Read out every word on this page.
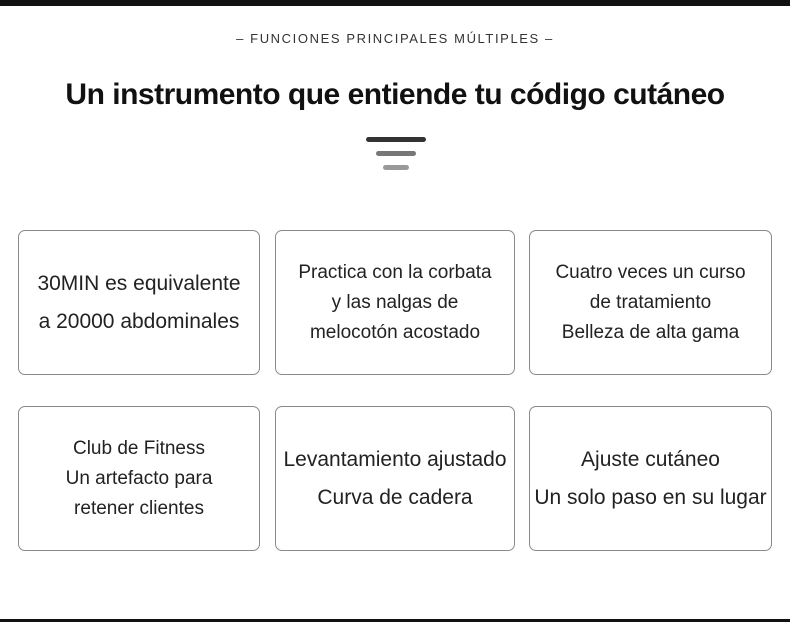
– FUNCIONES PRINCIPALES MÚLTIPLES –
Un instrumento que entiende tu código cutáneo
30MIN es equivalente
a 20000 abdominales
Practica con la corbata
y las nalgas de
melocotón acostado
Cuatro veces un curso
de tratamiento
Belleza de alta gama
Club de Fitness
Un artefacto para
retener clientes
Levantamiento ajustado
Curva de cadera
Ajuste cutáneo
Un solo paso en su lugar
